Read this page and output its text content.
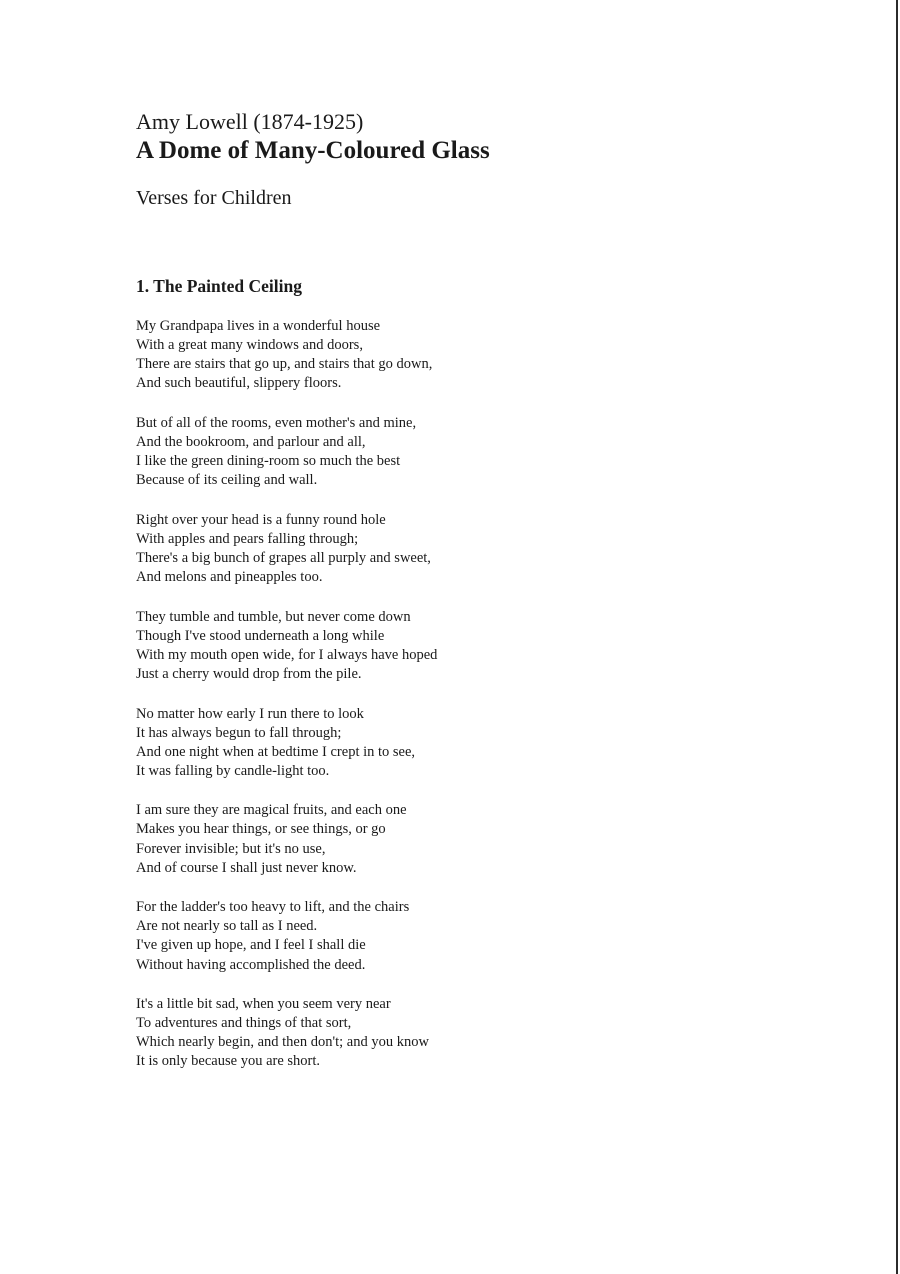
Amy Lowell (1874-1925)
A Dome of Many-Coloured Glass
Verses for Children
1. The Painted Ceiling

My Grandpapa lives in a wonderful house
With a great many windows and doors,
There are stairs that go up, and stairs that go down,
And such beautiful, slippery floors.

But of all of the rooms, even mother's and mine,
And the bookroom, and parlour and all,
I like the green dining-room so much the best
Because of its ceiling and wall.

Right over your head is a funny round hole
With apples and pears falling through;
There's a big bunch of grapes all purply and sweet,
And melons and pineapples too.

They tumble and tumble, but never come down
Though I've stood underneath a long while
With my mouth open wide, for I always have hoped
Just a cherry would drop from the pile.

No matter how early I run there to look
It has always begun to fall through;
And one night when at bedtime I crept in to see,
It was falling by candle-light too.

I am sure they are magical fruits, and each one
Makes you hear things, or see things, or go
Forever invisible; but it's no use,
And of course I shall just never know.

For the ladder's too heavy to lift, and the chairs
Are not nearly so tall as I need.
I've given up hope, and I feel I shall die
Without having accomplished the deed.

It's a little bit sad, when you seem very near
To adventures and things of that sort,
Which nearly begin, and then don't; and you know
It is only because you are short.
